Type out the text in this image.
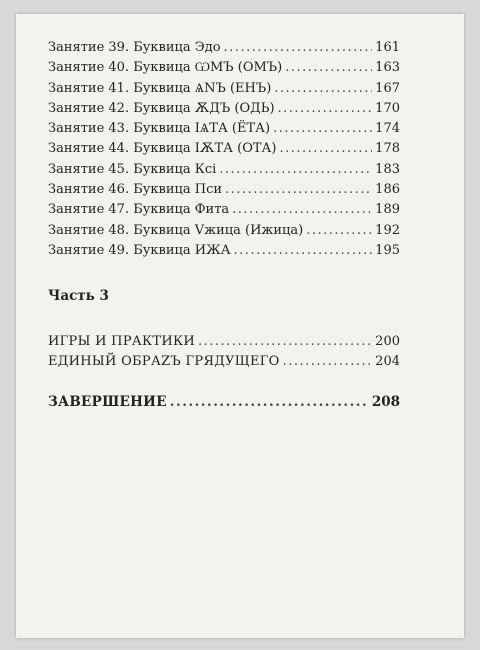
Занятие 39. Буквица Эдо .....	161
Занятие 40. Буквица ѠМЪ (ОМЪ) .....	163
Занятие 41. Буквица ѦNЪ (ЕНЪ) .....	167
Занятие 42. Буквица ѪДЪ (ОДЬ) .....	170
Занятие 43. Буквица ІѦТА (ЁТА) .....	174
Занятие 44. Буквица ІѪТА (ОТА) .....	178
Занятие 45. Буквица Ксі .....	183
Занятие 46. Буквица Пси .....	186
Занятие 47. Буквица Фита .....	189
Занятие 48. Буквица Vжица (Ижица) .....	192
Занятие 49. Буквица ИЖА .....	195
Часть 3
ИГРЫ И ПРАКТИКИ .....	200
ЕДИНЫЙ ОБРАZЪ ГРЯДУЩЕГО .....	204
ЗАВЕРШЕНИЕ .....	208
